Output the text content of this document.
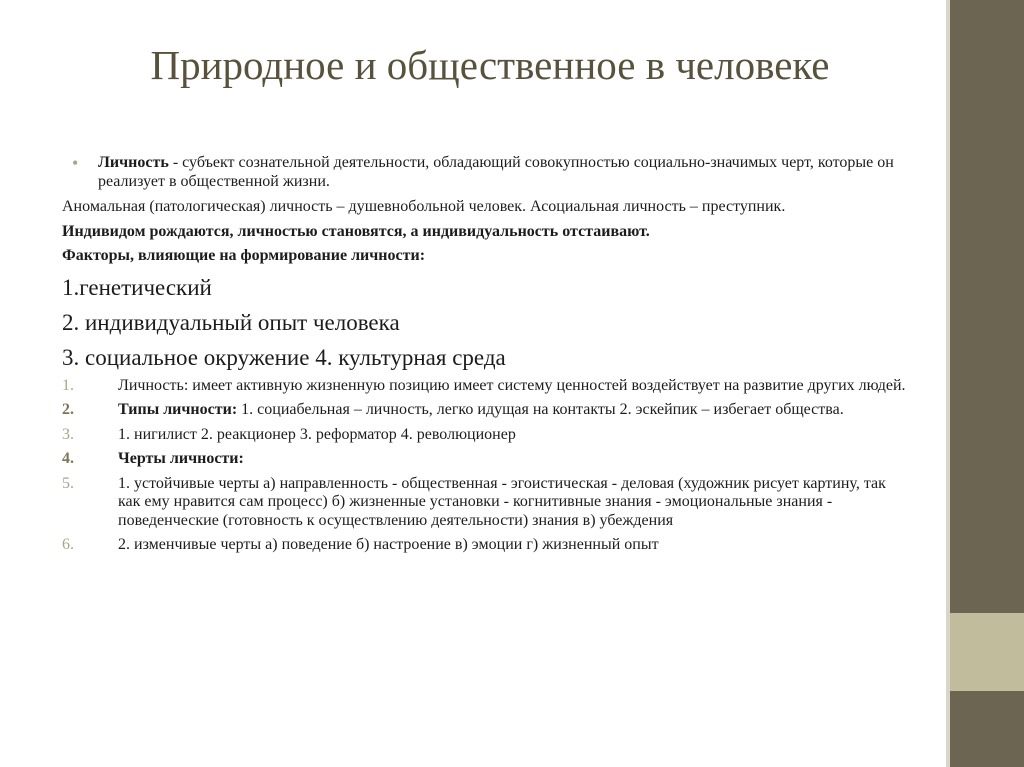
Природное и общественное в человеке
• Личность - субъект сознательной деятельности, обладающий совокупностью социально-значимых черт, которые он реализует в общественной жизни.
Аномальная (патологическая) личность – душевнобольной человек. Асоциальная личность – преступник.
Индивидом рождаются, личностью становятся, а индивидуальность отстаивают.
Факторы, влияющие на формирование личности:
1.генетический
2. индивидуальный опыт человека
3. социальное окружение 4. культурная среда
1.	Личность: имеет активную жизненную позицию имеет систему ценностей воздействует на развитие других людей.
2.	Типы личности: 1. социабельная – личность, легко идущая на контакты 2. эскейпик – избегает общества.
3.	1. нигилист 2. реакционер 3. реформатор 4. революционер
4.	Черты личности:
5.	1. устойчивые черты а) направленность - общественная - эгоистическая - деловая (художник рисует картину, так как ему нравится сам процесс) б) жизненные установки - когнитивные знания - эмоциональные знания - поведенческие (готовность к осуществлению деятельности) знания в) убеждения
6.	2. изменчивые черты а) поведение б) настроение в) эмоции г) жизненный опыт
